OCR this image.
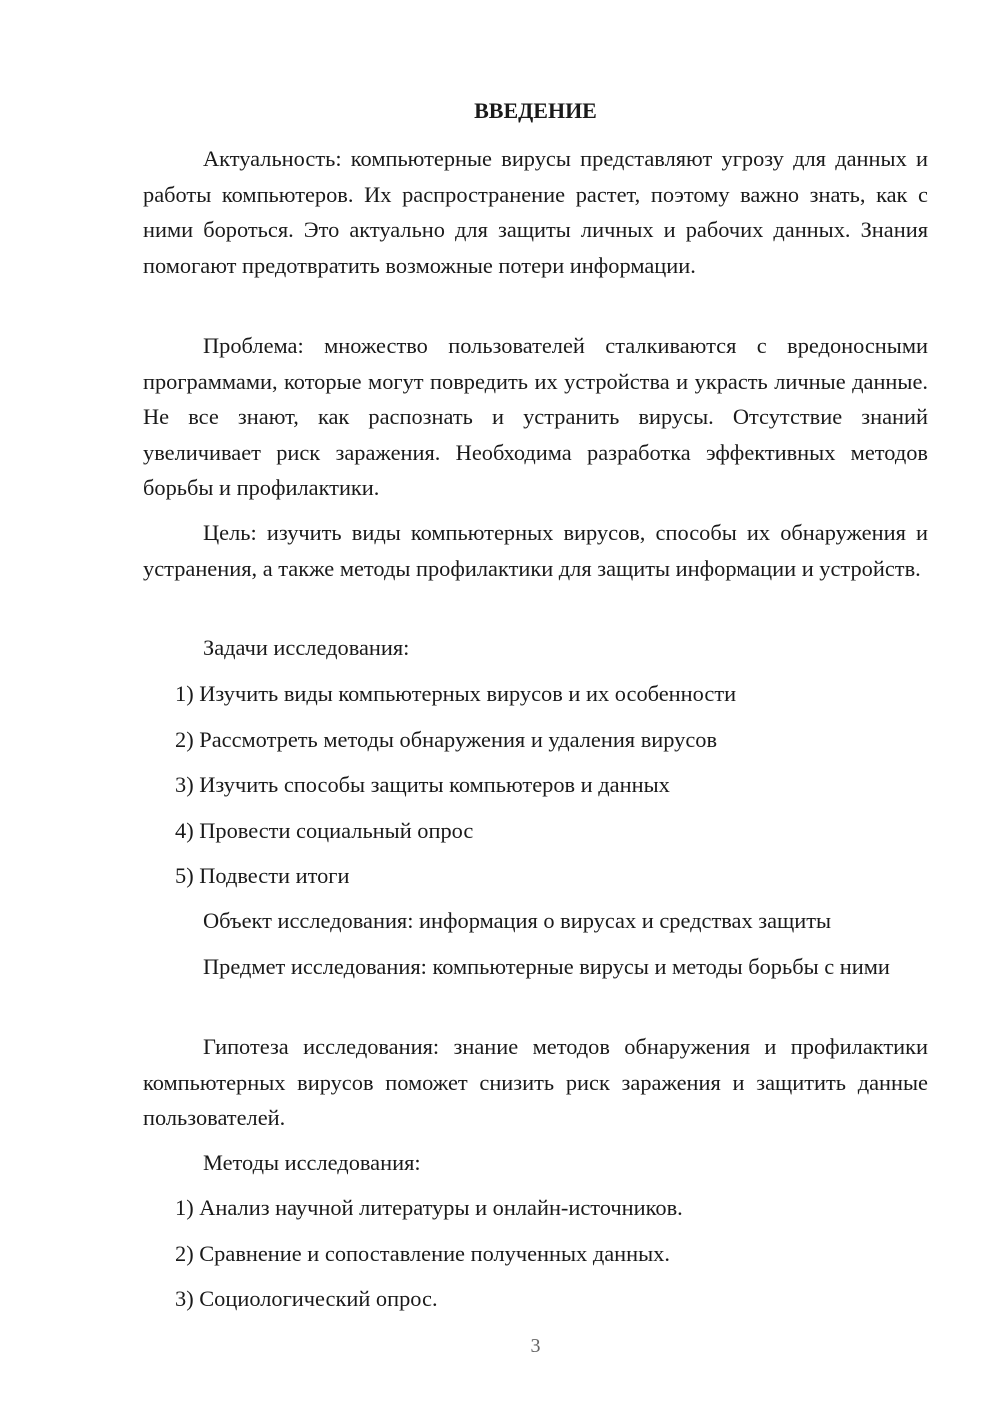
ВВЕДЕНИЕ

Актуальность: компьютерные вирусы представляют угрозу для данных и работы компьютеров. Их распространение растет, поэтому важно знать, как с ними бороться. Это актуально для защиты личных и рабочих данных. Знания помогают предотвратить возможные потери информации.

Проблема: множество пользователей сталкиваются с вредоносными программами, которые могут повредить их устройства и украсть личные данные. Не все знают, как распознать и устранить вирусы. Отсутствие знаний увеличивает риск заражения. Необходима разработка эффективных методов борьбы и профилактики.

Цель: изучить виды компьютерных вирусов, способы их обнаружения и устранения, а также методы профилактики для защиты информации и устройств.

Задачи исследования:

1) Изучить виды компьютерных вирусов и их особенности

2) Рассмотреть методы обнаружения и удаления вирусов

3) Изучить способы защиты компьютеров и данных

4) Провести социальный опрос

5) Подвести итоги

Объект исследования: информация о вирусах и средствах защиты

Предмет исследования: компьютерные вирусы и методы борьбы с ними

Гипотеза исследования: знание методов обнаружения и профилактики компьютерных вирусов поможет снизить риск заражения и защитить данные пользователей.

Методы исследования:

1) Анализ научной литературы и онлайн-источников.

2) Сравнение и сопоставление полученных данных.

3) Социологический опрос.

3
